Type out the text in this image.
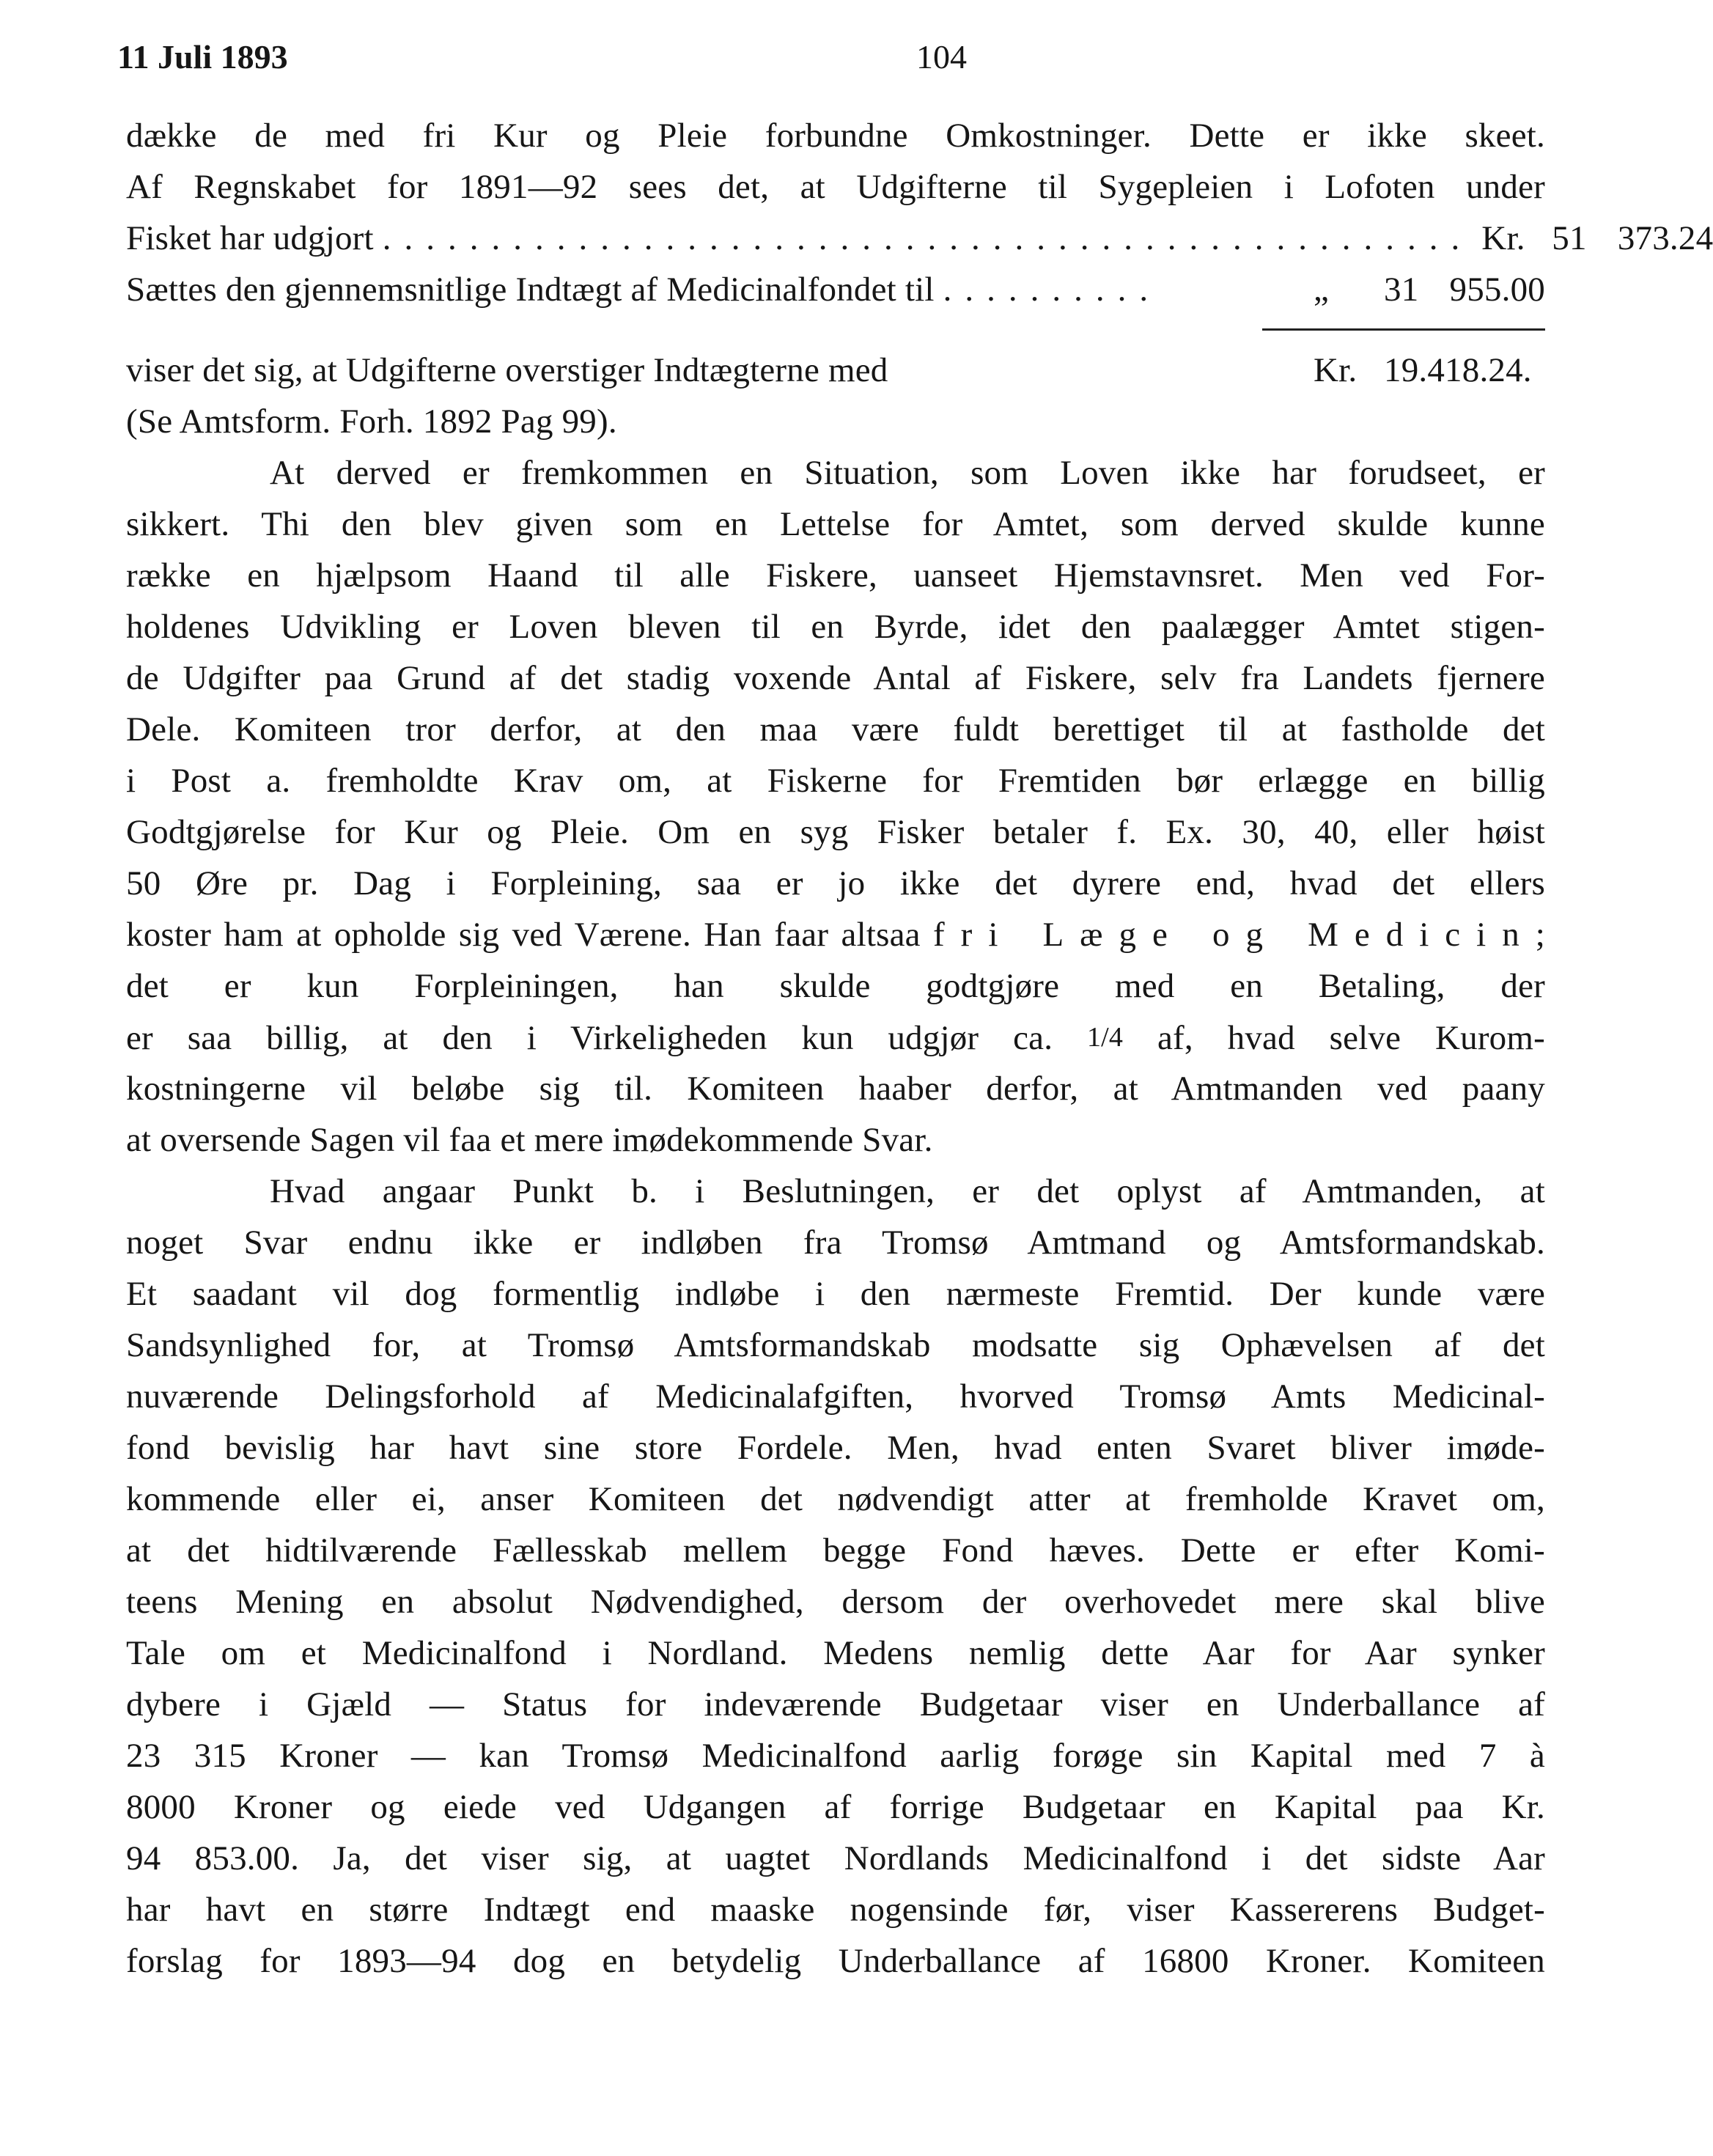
11 Juli 1893	104
dække de med fri Kur og Pleie forbundne Omkostninger. Dette er ikke skeet.
Af Regnskabet for 1891—92 sees det, at Udgifterne til Sygepleien i Lofoten under
Fisket har udgjort .................................................. Kr. 51 373.24
Sættes den gjennemsnitlige Indtægt af Medicinalfondet til ..........	„	31 955.00
viser det sig, at Udgifterne overstiger Indtægterne med	Kr. 19.418.24.
(Se Amtsform. Forh. 1892 Pag 99).
At derved er fremkommen en Situation, som Loven ikke har forudseet, er
sikkert. Thi den blev given som en Lettelse for Amtet, som derved skulde kunne
række en hjælpsom Haand til alle Fiskere, uanseet Hjemstavnsret. Men ved For-
holdenes Udvikling er Loven bleven til en Byrde, idet den paalægger Amtet stigen-
de Udgifter paa Grund af det stadig voxende Antal af Fiskere, selv fra Landets fjernere
Dele. Komiteen tror derfor, at den maa være fuldt berettiget til at fastholde det
i Post a. fremholdte Krav om, at Fiskerne for Fremtiden bør erlægge en billig
Godtgjørelse for Kur og Pleie. Om en syg Fisker betaler f. Ex. 30, 40, eller høist
50 Øre pr. Dag i Forpleining, saa er jo ikke det dyrere end, hvad det ellers
koster ham at opholde sig ved Værene. Han faar altsaa fri Læge og Medicin;
det er kun Forpleiningen, han skulde godtgjøre med en Betaling, der
er saa billig, at den i Virkeligheden kun udgjør ca. 1/4 af, hvad selve Kurom-
kostningerne vil beløbe sig til. Komiteen haaber derfor, at Amtmanden ved paany
at oversende Sagen vil faa et mere imødekommende Svar.
Hvad angaar Punkt b. i Beslutningen, er det oplyst af Amtmanden, at
noget Svar endnu ikke er indløben fra Tromsø Amtmand og Amtsformandskab.
Et saadant vil dog formentlig indløbe i den nærmeste Fremtid. Der kunde være
Sandsynlighed for, at Tromsø Amtsformandskab modsatte sig Ophævelsen af det
nuværende Delingsforhold af Medicinalafgiften, hvorved Tromsø Amts Medicinal-
fond bevislig har havt sine store Fordele. Men, hvad enten Svaret bliver imøde-
kommende eller ei, anser Komiteen det nødvendigt atter at fremholde Kravet om,
at det hidtilværende Fællesskab mellem begge Fond hæves. Dette er efter Komi-
teens Mening en absolut Nødvendighed, dersom der overhovedet mere skal blive
Tale om et Medicinalfond i Nordland. Medens nemlig dette Aar for Aar synker
dybere i Gjæld — Status for indeværende Budgetaar viser en Underballance af
23 315 Kroner — kan Tromsø Medicinalfond aarlig forøge sin Kapital med 7 à
8000 Kroner og eiede ved Udgangen af forrige Budgetaar en Kapital paa Kr.
94 853.00. Ja, det viser sig, at uagtet Nordlands Medicinalfond i det sidste Aar
har havt en større Indtægt end maaske nogensinde før, viser Kassererens Budget-
forslag for 1893—94 dog en betydelig Underballance af 16800 Kroner. Komiteen
